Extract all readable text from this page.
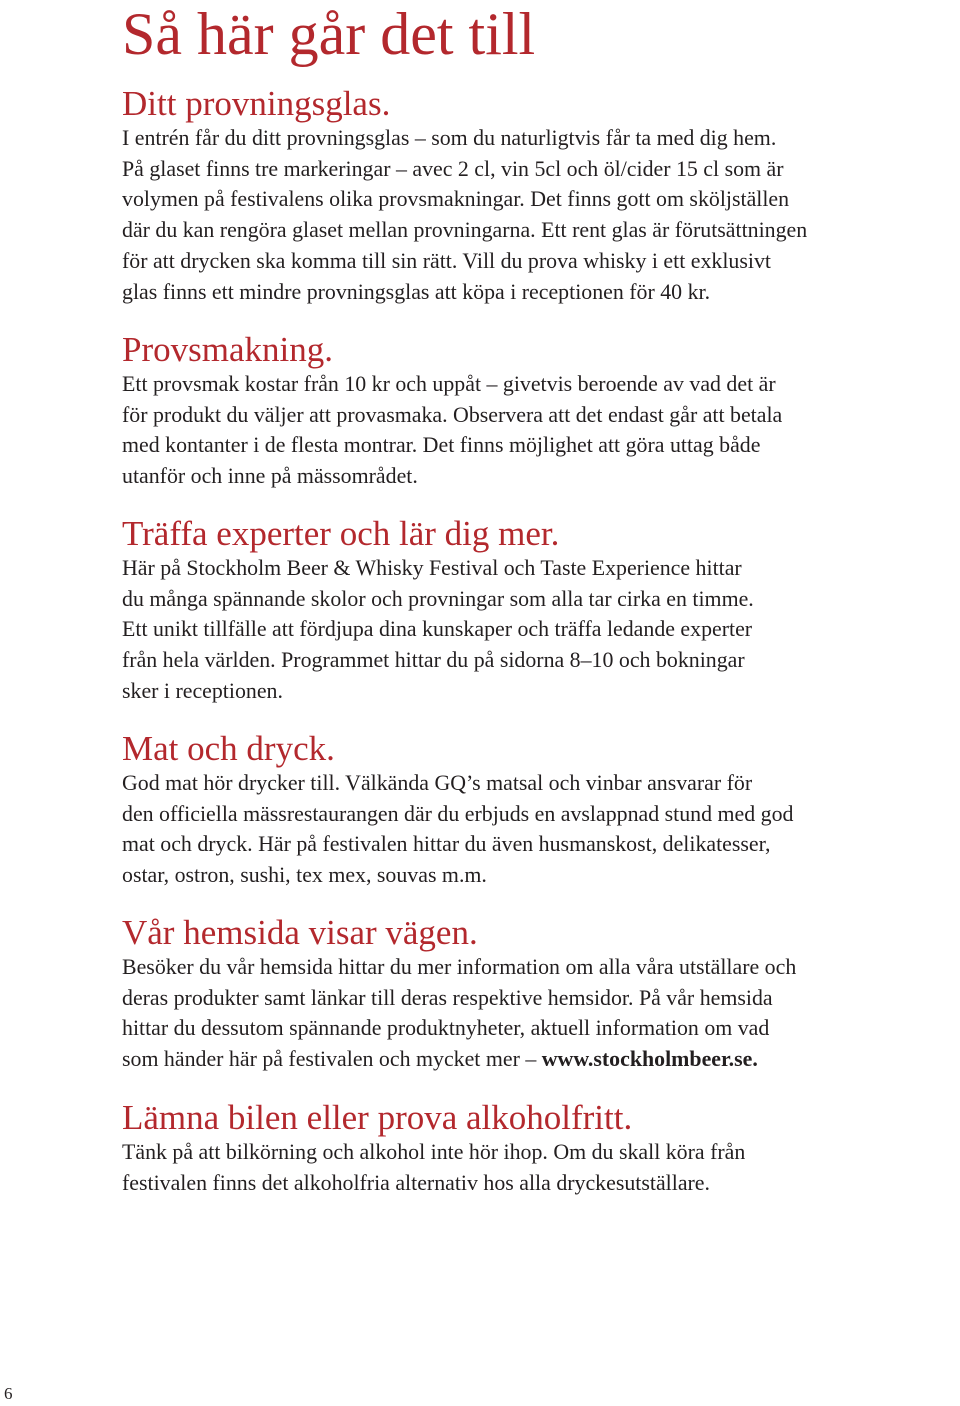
Så här går det till
Ditt provningsglas.

I entrén får du ditt provningsglas – som du naturligtvis får ta med dig hem.
På glaset finns tre markeringar – avec 2 cl, vin 5cl och öl/cider 15 cl som är
volymen på festivalens olika provsmakningar. Det finns gott om sköljställen
där du kan rengöra glaset mellan provningarna. Ett rent glas är förutsättningen
för att drycken ska komma till sin rätt. Vill du prova whisky i ett exklusivt
glas finns ett mindre provningsglas att köpa i receptionen för 40 kr.

Provsmakning.

Ett provsmak kostar från 10 kr och uppåt – givetvis beroende av vad det är
för produkt du väljer att provasmaka. Observera att det endast går att betala
med kontanter i de flesta montrar. Det finns möjlighet att göra uttag både
utanför och inne på mässområdet.

Träffa experter och lär dig mer.

Här på Stockholm Beer & Whisky Festival och Taste Experience hittar
du många spännande skolor och provningar som alla tar cirka en timme.
Ett unikt tillfälle att fördjupa dina kunskaper och träffa ledande experter
från hela världen. Programmet hittar du på sidorna 8–10 och bokningar
sker i receptionen.

Mat och dryck.

God mat hör drycker till. Välkända GQ’s matsal och vinbar ansvarar för
den officiella mässrestaurangen där du erbjuds en avslappnad stund med god
mat och dryck. Här på festivalen hittar du även husmanskost, delikatesser,
ostar, ostron, sushi, tex mex, souvas m.m.

Vår hemsida visar vägen.

Besöker du vår hemsida hittar du mer information om alla våra utställare och
deras produkter samt länkar till deras respektive hemsidor. På vår hemsida
hittar du dessutom spännande produktnyheter, aktuell information om vad
som händer här på festivalen och mycket mer – www.stockholmbeer.se.

Lämna bilen eller prova alkoholfritt.

Tänk på att bilkörning och alkohol inte hör ihop. Om du skall köra från
festivalen finns det alkoholfria alternativ hos alla dryckesutställare.

6
